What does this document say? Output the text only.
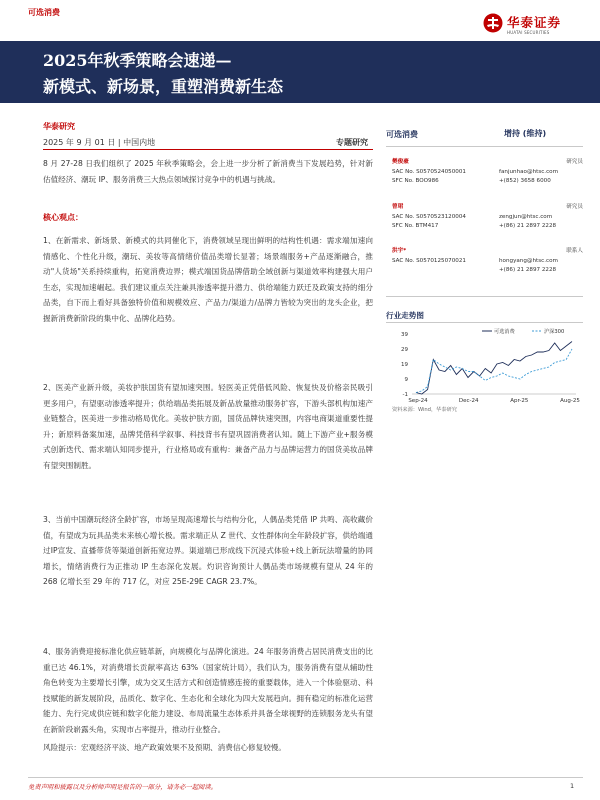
可选消费
华泰证券
HUATAI SECURITIES
2025年秋季策略会速递—
新模式、新场景，重塑消费新生态
华泰研究
2025 年 9 月 01 日 | 中国内地	专题研究
8 月 27-28 日我们组织了 2025 年秋季策略会，会上进一步分析了新消费当下发展趋势，针对新估值经济、潮玩 IP、服务消费三大热点领域探讨竞争中的机遇与挑战。
核心观点：
1、在新需求、新场景、新模式的共同催化下，消费领域呈现出鲜明的结构性机遇：需求端加速向情感化、个性化升级，潮玩、美妆等高情绪价值品类增长显著；场景端服务+产品逐渐融合，推动"人货场"关系持续重构，拓宽消费边界；模式端国货品牌借助全域创新与渠道效率构建强大用户生态，实现加速崛起。我们建议重点关注兼具渗透率提升潜力、供给端能力跃迁及政策支持的细分品类，自下而上看好具备独特价值和规模效应、产品力/渠道力/品牌力皆较为突出的龙头企业，把握新消费新阶段的集中化、品牌化趋势。
2、医美产业新升级，美妆护肤国货有望加速突围。轻医美正凭借低风险、恢复快及价格亲民吸引更多用户，有望驱动渗透率提升；供给端品类拓展及新品放量推动服务扩容，下游头部机构加速产业链整合，医美进一步推动格局优化。美妆护肤方面，国货品牌快速突围，内容电商渠道重要性提升；新原料备案加速，品牌凭借科学叙事、科技背书有望巩固消费者认知。随上下游产业+服务模式创新迭代、需求端认知同步提升，行业格局或有重构：兼备产品力与品牌运营力的国货美妆品牌有望突围制胜。
3、当前中国潮玩经济全龄扩容，市场呈现高速增长与结构分化，人偶品类凭借 IP 共鸣、高收藏价值，有望成为玩具品类未来核心增长极。需求端正从 Z 世代、女性群体向全年龄段扩容，供给端通过IP宣发、直播带货等渠道创新拓宽边界。渠道端已形成线下沉浸式体验+线上新玩法增量的协同增长，情绪消费行为正推动 IP 生态深化发展。灼识咨询预计人偶品类市场规模有望从 24 年的 268 亿增长至 29 年的 717 亿，对应 25E-29E CAGR 23.7%。
4、服务消费迎接标准化供应链革新，向规模化与品牌化演进。24 年服务消费占居民消费支出的比重已达 46.1%，对消费增长贡献率高达 63%（国家统计局），我们认为，服务消费有望从辅助性角色转变为主要增长引擎，成为交叉生活方式和创造情感连接的重要载体，进入一个体验驱动、科技赋能的新发展阶段，品质化、数字化、生态化和全球化为四大发展趋向。拥有稳定的标准化运营能力、先行完成供应链和数字化能力建设、布局流量生态体系并具备全球视野的连锁服务龙头有望在新阶段崭露头角，实现市占率提升，推动行业整合。
风险提示：宏观经济平淡、地产政策效果不及预期、消费信心修复较慢。
可选消费	增持 (维持)
樊俊豪	研究员
SAC No. S0570524050001	fanjunhao@htsc.com
SFC No. BOO986	+(852) 3658 6000
曾珺	研究员
SAC No. S0570523120004	zengjun@htsc.com
SFC No. BTM417	+(86) 21 2897 2228
洪宇*	联系人
SAC No. S0570125070021	hongyang@htsc.com
+(86) 21 2897 2228
行业走势图
39
29
19
9
-1
Sep-24	Dec-24	Apr-25	Aug-25
可选消费	沪深300
资料来源：Wind，华泰研究
免责声明和披露以及分析师声明是报告的一部分，请务必一起阅读。	1
